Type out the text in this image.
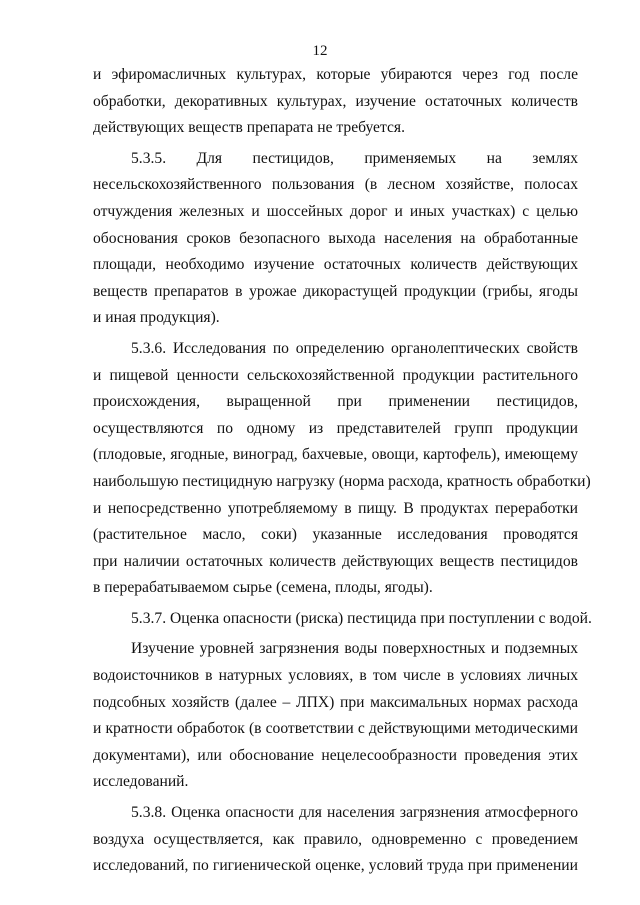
12
и эфиромасличных культурах, которые убираются через год после
обработки, декоративных культурах, изучение остаточных количеств
действующих веществ препарата не требуется.
5.3.5. Для пестицидов, применяемых на землях
несельскохозяйственного пользования (в лесном хозяйстве, полосах
отчуждения железных и шоссейных дорог и иных участках) с целью
обоснования сроков безопасного выхода населения на обработанные
площади, необходимо изучение остаточных количеств действующих
веществ препаратов в урожае дикорастущей продукции (грибы, ягоды
и иная продукция).
5.3.6. Исследования по определению органолептических свойств
и пищевой ценности сельскохозяйственной продукции растительного
происхождения, выращенной при применении пестицидов,
осуществляются по одному из представителей групп продукции
(плодовые, ягодные, виноград, бахчевые, овощи, картофель), имеющему
наибольшую пестицидную нагрузку (норма расхода, кратность обработки)
и непосредственно употребляемому в пищу. В продуктах переработки
(растительное масло, соки) указанные исследования проводятся
при наличии остаточных количеств действующих веществ пестицидов
в перерабатываемом сырье (семена, плоды, ягоды).
5.3.7. Оценка опасности (риска) пестицида при поступлении с водой.
Изучение уровней загрязнения воды поверхностных и подземных
водоисточников в натурных условиях, в том числе в условиях личных
подсобных хозяйств (далее – ЛПХ) при максимальных нормах расхода
и кратности обработок (в соответствии с действующими методическими
документами), или обоснование нецелесообразности проведения этих
исследований.
5.3.8. Оценка опасности для населения загрязнения атмосферного
воздуха осуществляется, как правило, одновременно с проведением
исследований, по гигиенической оценке, условий труда при применении
